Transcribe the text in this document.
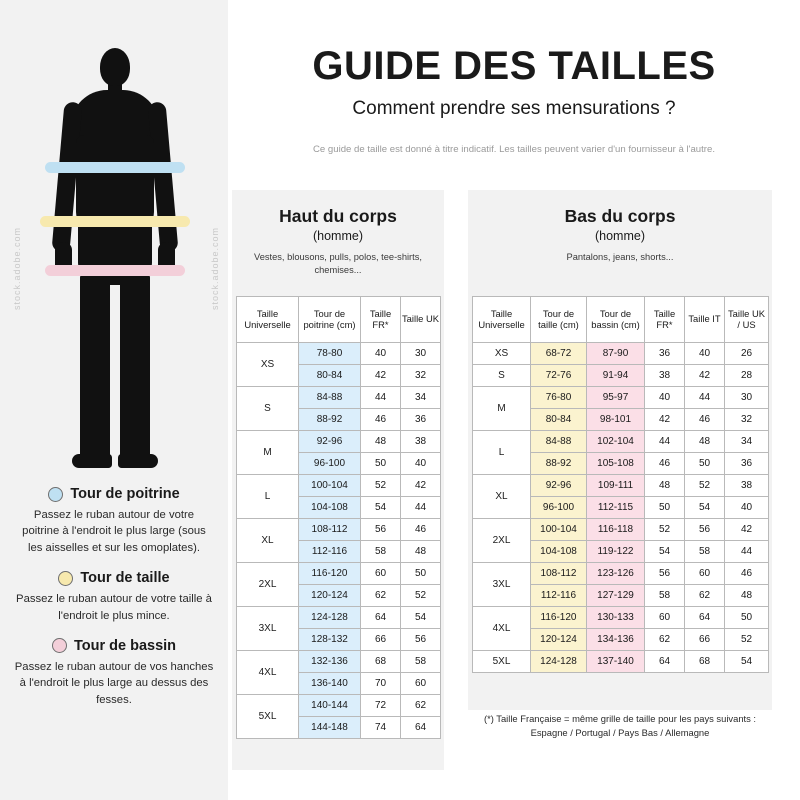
stock.adobe.com	stock.adobe.com
Tour de poitrine
Passez le ruban autour de votre poitrine à l'endroit le plus large (sous les aisselles et sur les omoplates).
Tour de taille
Passez le ruban autour de votre taille à l'endroit le plus mince.
Tour de bassin
Passez le ruban autour de vos hanches à l'endroit le plus large au dessus des fesses.
GUIDE DES TAILLES
Comment prendre ses mensurations ?
Ce guide de taille est donné à titre indicatif. Les tailles peuvent varier d'un fournisseur à l'autre.
Haut du corps
(homme)
Vestes, blousons, pulls, polos, tee-shirts, chemises...
Bas du corps
(homme)
Pantalons, jeans, shorts...
Taille Universelle	Tour de poitrine (cm)	Taille FR*	Taille UK
XS	78-80	40	30
	80-84	42	32
S	84-88	44	34
	88-92	46	36
M	92-96	48	38
	96-100	50	40
L	100-104	52	42
	104-108	54	44
XL	108-112	56	46
	112-116	58	48
2XL	116-120	60	50
	120-124	62	52
3XL	124-128	64	54
	128-132	66	56
4XL	132-136	68	58
	136-140	70	60
5XL	140-144	72	62
	144-148	74	64
Taille Universelle	Tour de taille (cm)	Tour de bassin (cm)	Taille FR*	Taille IT	Taille UK / US
XS	68-72	87-90	36	40	26
S	72-76	91-94	38	42	28
M	76-80	95-97	40	44	30
	80-84	98-101	42	46	32
L	84-88	102-104	44	48	34
	88-92	105-108	46	50	36
XL	92-96	109-111	48	52	38
	96-100	112-115	50	54	40
2XL	100-104	116-118	52	56	42
	104-108	119-122	54	58	44
3XL	108-112	123-126	56	60	46
	112-116	127-129	58	62	48
4XL	116-120	130-133	60	64	50
	120-124	134-136	62	66	52
5XL	124-128	137-140	64	68	54
(*) Taille Française = même grille de taille pour les pays suivants :
Espagne / Portugal / Pays Bas / Allemagne
